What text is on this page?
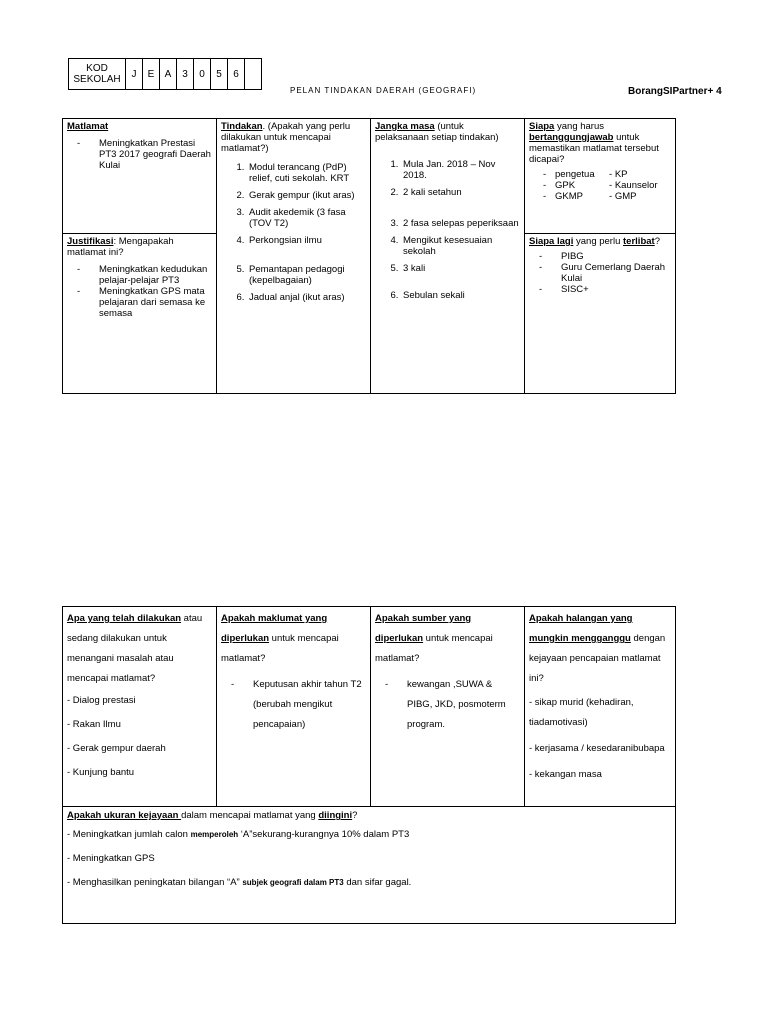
KOD
SEKOLAH	J	E	A	3	0	5	6	
PELAN TINDAKAN DAERAH (GEOGRAFI)	BorangSIPartner+ 4
Matlamat
- Meningkatkan Prestasi PT3 2017 geografi Daerah Kulai
Justifikasi: Mengapakah matlamat ini?
- Meningkatkan kedudukan pelajar-pelajar PT3
- Meningkatkan GPS mata pelajaran dari semasa ke semasa
Tindakan. (Apakah yang perlu dilakukan untuk mencapai matlamat?)
1. Modul terancang (PdP) relief, cuti sekolah. KRT
2. Gerak gempur (ikut aras)
3. Audit akedemik (3 fasa (TOV T2)
4. Perkongsian ilmu
5. Pemantapan pedagogi (kepelbagaian)
6. Jadual anjal (ikut aras)
Jangka masa (untuk pelaksanaan setiap tindakan)
1. Mula Jan. 2018 – Nov 2018.
2. 2 kali setahun
3. 2 fasa selepas peperiksaan
4. Mengikut kesesuaian sekolah
5. 3 kali
6. Sebulan sekali
Siapa yang harus bertanggungjawab untuk memastikan matlamat tersebut dicapai?
- pengetua - KP
- GPK	- Kaunselor
- GKMP	- GMP
Siapa lagi yang perlu terlibat?
- PIBG
- Guru Cemerlang Daerah Kulai
- SISC+
Apa yang telah dilakukan atau sedang dilakukan untuk menangani masalah atau mencapai matlamat?
- Dialog prestasi
- Rakan Ilmu
- Gerak gempur daerah
- Kunjung bantu
Apakah maklumat yang diperlukan untuk mencapai matlamat?
- Keputusan akhir tahun T2 (berubah mengikut pencapaian)
Apakah sumber yang diperlukan untuk mencapai matlamat?
- kewangan ,SUWA & PIBG, JKD, posmoterm program.
Apakah halangan yang mungkin mengganggu dengan kejayaan pencapaian matlamat ini?
- sikap murid (kehadiran, tiadamotivasi)
- kerjasama / kesedaranibubapa
- kekangan masa
Apakah ukuran kejayaan dalam mencapai matlamat yang diingini?
- Meningkatkan jumlah calon memperoleh ‘A”sekurang-kurangnya 10% dalam PT3
- Meningkatkan GPS
- Menghasilkan peningkatan bilangan “A” subjek geografi dalam PT3 dan sifar gagal.
